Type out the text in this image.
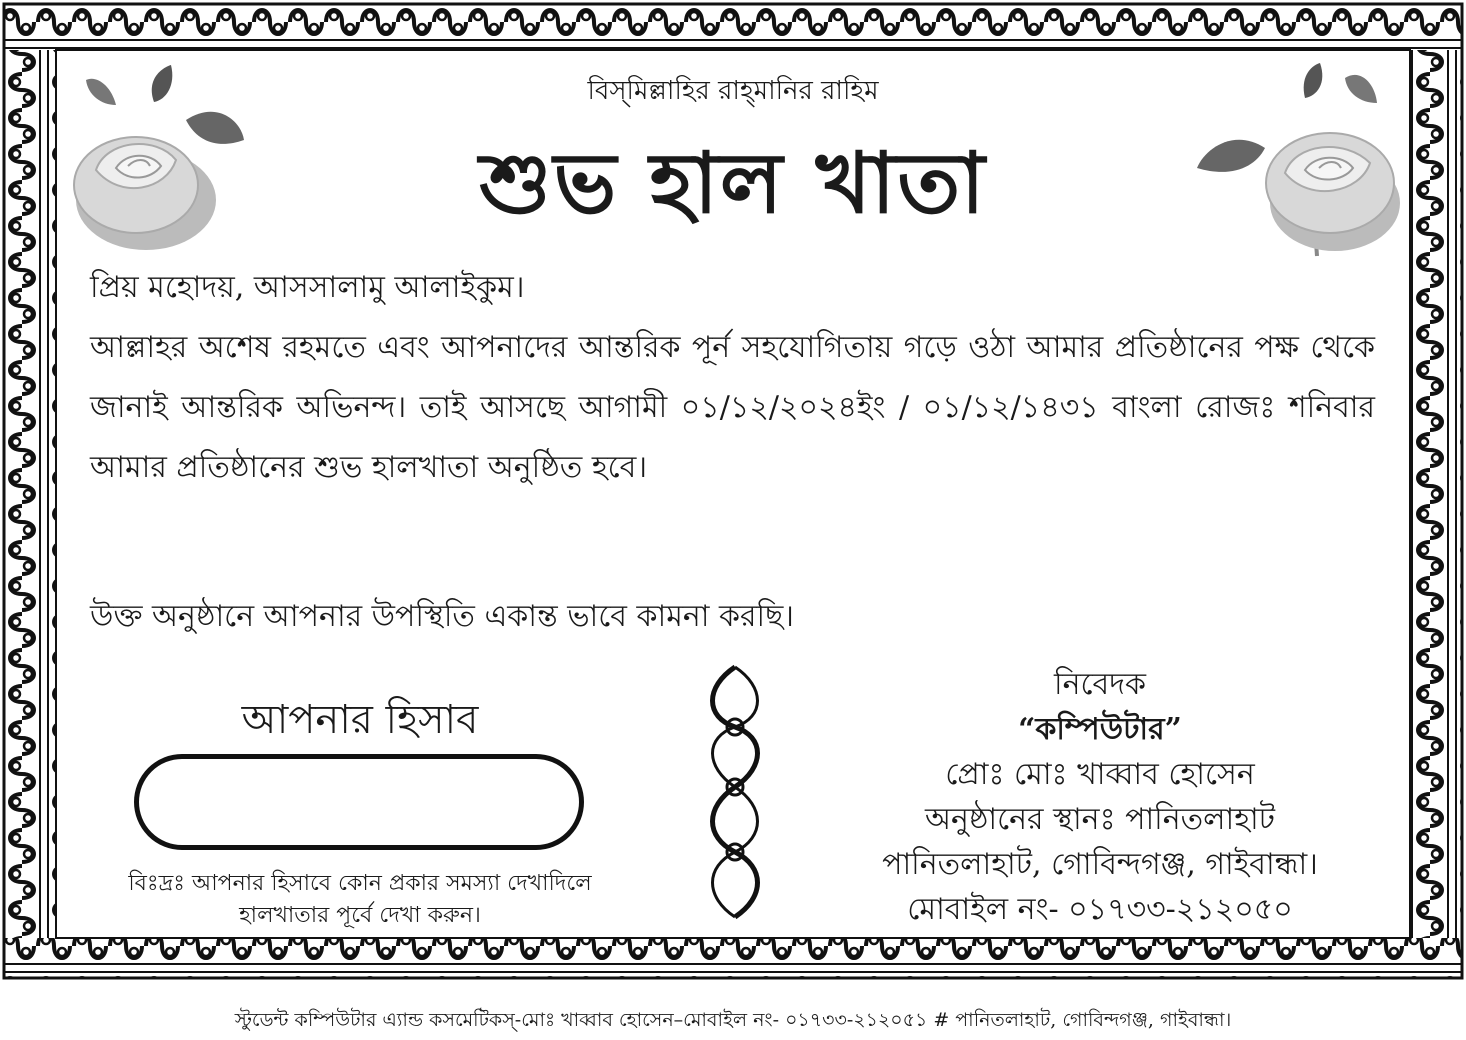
বিস্‌মিল্লাহির রাহ্‌মানির রাহিম
শুভ হাল খাতা

প্রিয় মহোদয়, আসসালামু আলাইকুম।

আল্লাহর অশেষ রহমতে এবং আপনাদের আন্তরিক পূর্ন সহযোগিতায় গড়ে ওঠা আমার প্রতিষ্ঠানের পক্ষ থেকে জানাই আন্তরিক অভিনন্দ। তাই আসছে আগামী ০১/১২/২০২৪ইং / ০১/১২/১৪৩১ বাংলা রোজঃ শনিবার আমার প্রতিষ্ঠানের শুভ হালখাতা অনুষ্ঠিত হবে।

উক্ত অনুষ্ঠানে আপনার উপস্থিতি একান্ত ভাবে কামনা করছি।
আপনার হিসাব
বিঃদ্রঃ আপনার হিসাবে কোন প্রকার সমস্যা দেখাদিলে হালখাতার পূর্বে দেখা করুন।
নিবেদক
“কম্পিউটার”
প্রোঃ মোঃ খাব্বাব হোসেন
অনুষ্ঠানের স্থানঃ পানিতলাহাট
পানিতলাহাট, গোবিন্দগঞ্জ, গাইবান্ধা।
মোবাইল নং- ০১৭৩৩-২১২০৫০
স্টুডেন্ট কম্পিউটার এ্যান্ড কসমেটিকস্-মোঃ খাব্বাব হোসেন–মোবাইল নং- ০১৭৩৩-২১২০৫১ # পানিতলাহাট, গোবিন্দগঞ্জ, গাইবান্ধা।
